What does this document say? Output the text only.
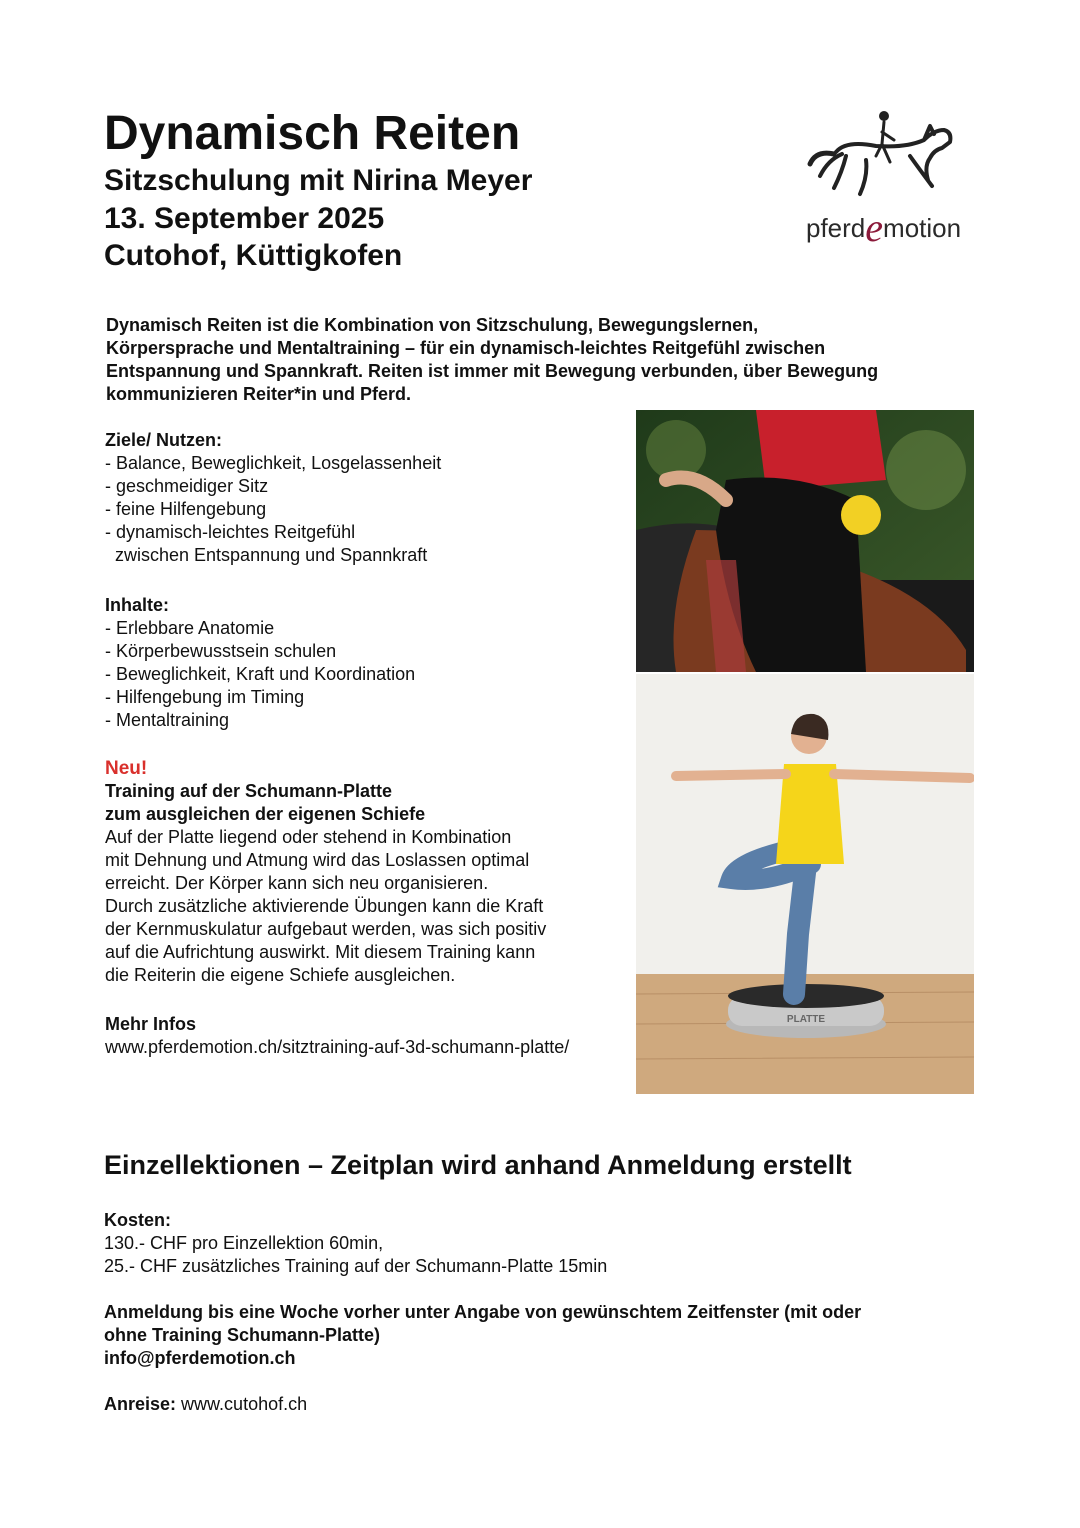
Dynamisch Reiten
Sitzschulung mit Nirina Meyer
13. September 2025
Cutohof, Küttigkofen
pferdemotion

Dynamisch Reiten ist die Kombination von Sitzschulung, Bewegungslernen,
Körpersprache und Mentaltraining – für ein dynamisch-leichtes Reitgefühl zwischen
Entspannung und Spannkraft. Reiten ist immer mit Bewegung verbunden, über Bewegung
kommunizieren Reiter*in und Pferd.

Ziele/ Nutzen:
- Balance, Beweglichkeit, Losgelassenheit
- geschmeidiger Sitz
- feine Hilfengebung
- dynamisch-leichtes Reitgefühl
zwischen Entspannung und Spannkraft
Inhalte:
- Erlebbare Anatomie
- Körperbewusstsein schulen
- Beweglichkeit, Kraft und Koordination
- Hilfengebung im Timing
- Mentaltraining
Neu!
Training auf der Schumann-Platte
zum ausgleichen der eigenen Schiefe
Auf der Platte liegend oder stehend in Kombination
mit Dehnung und Atmung wird das Loslassen optimal
erreicht. Der Körper kann sich neu organisieren.
Durch zusätzliche aktivierende Übungen kann die Kraft
der Kernmuskulatur aufgebaut werden, was sich positiv
auf die Aufrichtung auswirkt. Mit diesem Training kann
die Reiterin die eigene Schiefe ausgleichen.
Mehr Infos
www.pferdemotion.ch/sitztraining-auf-3d-schumann-platte/
PLATTE
Einzellektionen – Zeitplan wird anhand Anmeldung erstellt
Kosten:
130.- CHF pro Einzellektion 60min,
25.- CHF zusätzliches Training auf der Schumann-Platte 15min
Anmeldung bis eine Woche vorher unter Angabe von gewünschtem Zeitfenster (mit oder
ohne Training Schumann-Platte)
info@pferdemotion.ch
Anreise: www.cutohof.ch
